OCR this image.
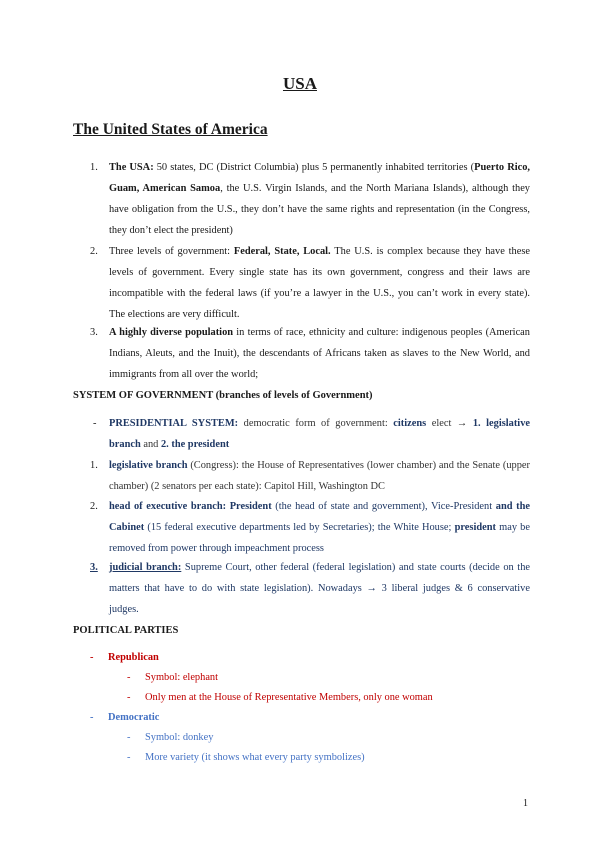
USA
The United States of America
1. The USA: 50 states, DC (District Columbia) plus 5 permanently inhabited territories (Puerto Rico, Guam, American Samoa, the U.S. Virgin Islands, and the North Mariana Islands), although they have obligation from the U.S., they don’t have the same rights and representation (in the Congress, they don’t elect the president)
2. Three levels of government: Federal, State, Local. The U.S. is complex because they have these levels of government. Every single state has its own government, congress and their laws are incompatible with the federal laws (if you’re a lawyer in the U.S., you can’t work in every state). The elections are very difficult.
3. A highly diverse population in terms of race, ethnicity and culture: indigenous peoples (American Indians, Aleuts, and the Inuit), the descendants of Africans taken as slaves to the New World, and immigrants from all over the world;
SYSTEM OF GOVERNMENT (branches of levels of Government)
- PRESIDENTIAL SYSTEM: democratic form of government: citizens elect → 1. legislative branch and 2. the president
1. legislative branch (Congress): the House of Representatives (lower chamber) and the Senate (upper chamber) (2 senators per each state): Capitol Hill, Washington DC
2. head of executive branch: President (the head of state and government), Vice-President and the Cabinet (15 federal executive departments led by Secretaries); the White House; president may be removed from power through impeachment process
3. judicial branch: Supreme Court, other federal (federal legislation) and state courts (decide on the matters that have to do with state legislation). Nowadays → 3 liberal judges & 6 conservative judges.
POLITICAL PARTIES
- Republican
- Symbol: elephant
- Only men at the House of Representative Members, only one woman
- Democratic
- Symbol: donkey
- More variety (it shows what every party symbolizes)
1
